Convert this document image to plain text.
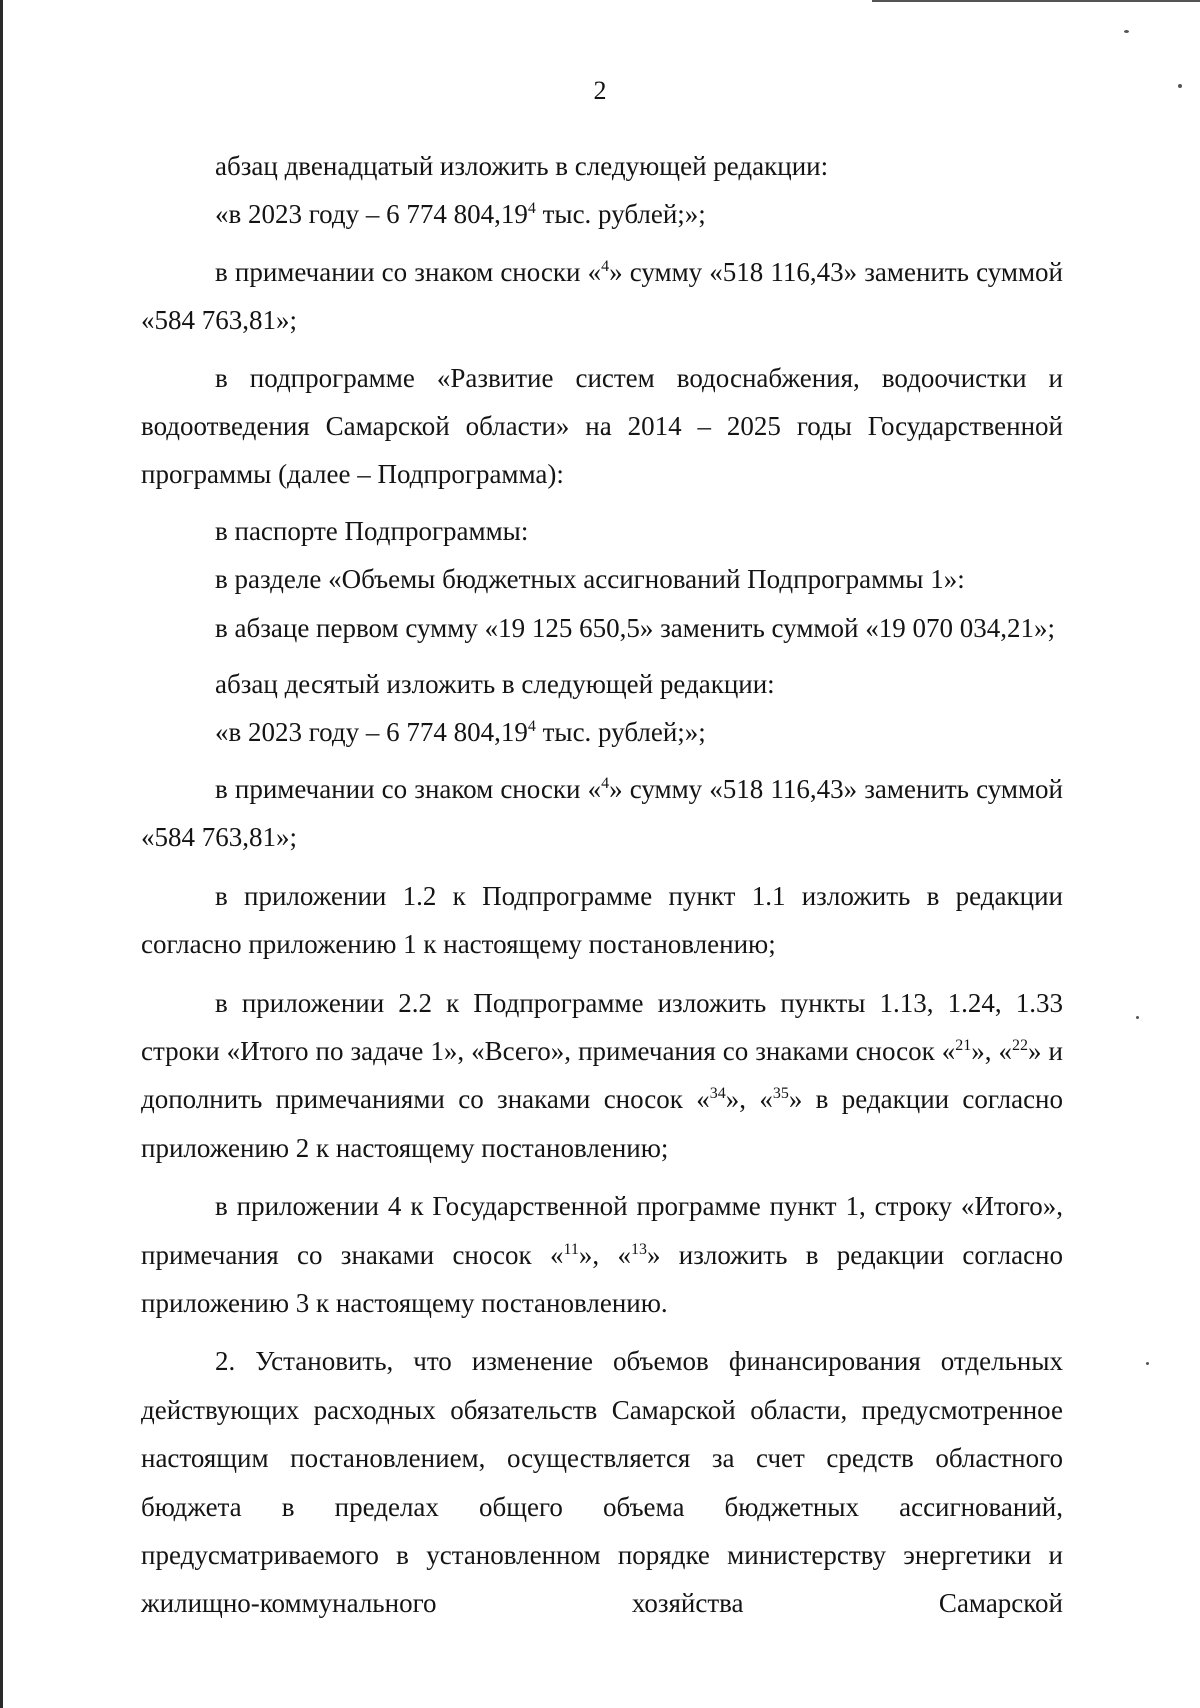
2

абзац двенадцатый изложить в следующей редакции:

«в 2023 году – 6 774 804,19$^4$ тыс. рублей;»;

в примечании со знаком сноски «$^4$» сумму «518 116,43» заменить суммой «584 763,81»;

в подпрограмме «Развитие систем водоснабжения, водоочистки и водоотведения Самарской области» на 2014 – 2025 годы Государственной программы (далее – Подпрограмма):

в паспорте Подпрограммы:

в разделе «Объемы бюджетных ассигнований Подпрограммы 1»:

в абзаце первом сумму «19 125 650,5» заменить суммой «19 070 034,21»;

абзац десятый изложить в следующей редакции:

«в 2023 году – 6 774 804,19$^4$ тыс. рублей;»;

в примечании со знаком сноски «$^4$» сумму «518 116,43» заменить суммой «584 763,81»;

в приложении 1.2 к Подпрограмме пункт 1.1 изложить в редакции согласно приложению 1 к настоящему постановлению;

в приложении 2.2 к Подпрограмме изложить пункты 1.13, 1.24, 1.33 строки «Итого по задаче 1», «Всего», примечания со знаками сносок «$^{21}$», «$^{22}$» и дополнить примечаниями со знаками сносок «$^{34}$», «$^{35}$» в редакции согласно приложению 2 к настоящему постановлению;

в приложении 4 к Государственной программе пункт 1, строку «Итого», примечания со знаками сносок «$^{11}$», «$^{13}$» изложить в редакции согласно приложению 3 к настоящему постановлению.

2. Установить, что изменение объемов финансирования отдельных действующих расходных обязательств Самарской области, предусмотренное настоящим постановлением, осуществляется за счет средств областного бюджета в пределах общего объема бюджетных ассигнований, предусматриваемого в установленном порядке министерству энергетики и жилищно-коммунального хозяйства Самарской
